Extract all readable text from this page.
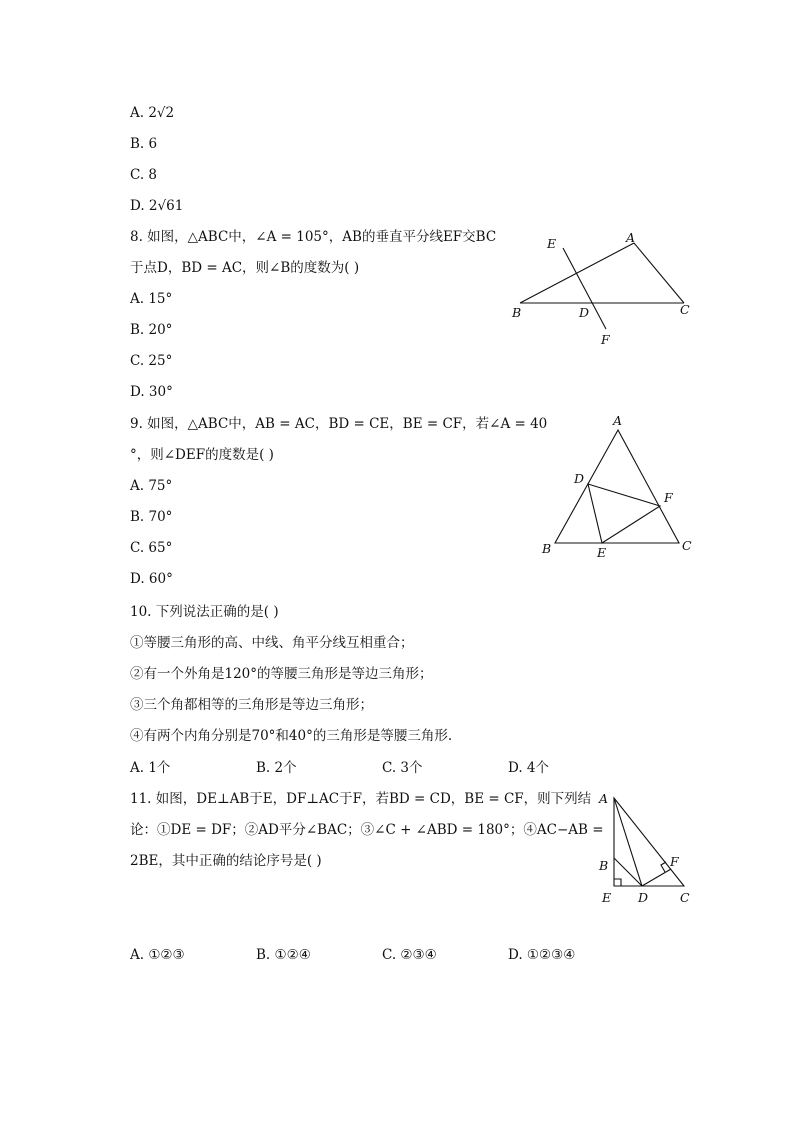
A. 2√2
B. 6
C. 8
D. 2√61
8. 如图，△ABC中，∠A = 105°，AB的垂直平分线EF交BC
于点D，BD = AC，则∠B的度数为( )
A. 15°
B. 20°
C. 25°
D. 30°
E	A
B	D	C
F
9. 如图，△ABC中，AB = AC，BD = CE，BE = CF，若∠A = 40
°，则∠DEF的度数是( )
A. 75°
B. 70°
C. 65°
D. 60°
A
D
F
B	E	C
10. 下列说法正确的是( )
①等腰三角形的高、中线、角平分线互相重合；
②有一个外角是120°的等腰三角形是等边三角形；
③三个角都相等的三角形是等边三角形；
④有两个内角分别是70°和40°的三角形是等腰三角形.
A. 1个	B. 2个	C. 3个	D. 4个
11. 如图，DE⊥AB于E，DF⊥AC于F，若BD = CD，BE = CF，则下列结
论：①DE = DF；②AD平分∠BAC；③∠C + ∠ABD = 180°；④AC−AB =
2BE，其中正确的结论序号是( )
A
B	F
E D	C
A. ①②③	B. ①②④	C. ②③④	D. ①②③④
